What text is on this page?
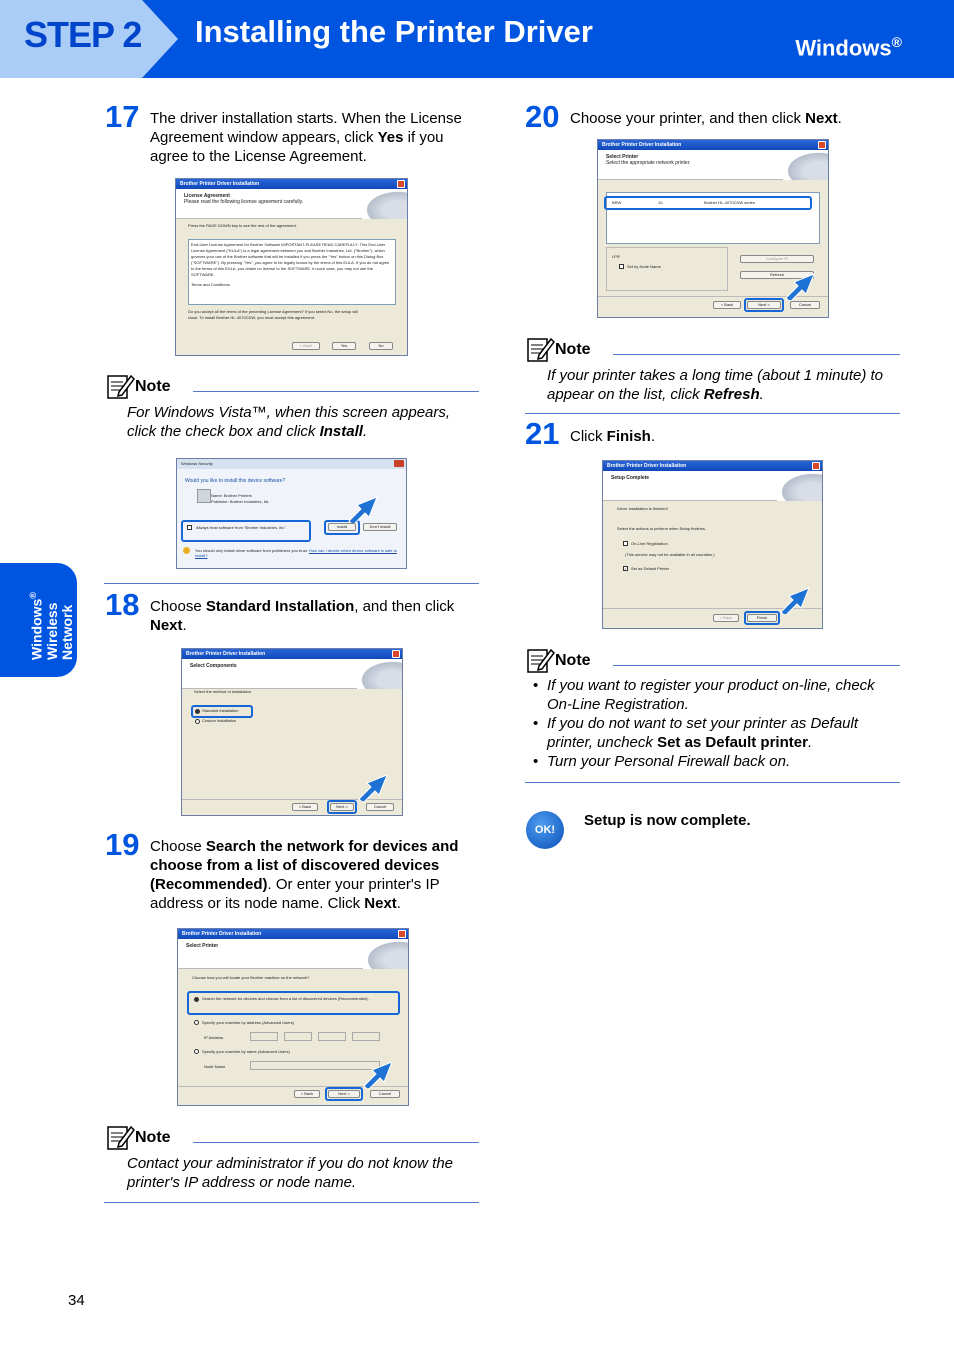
STEP 2 Installing the Printer Driver	Windows®
Windows®
Wireless Network
17 The driver installation starts. When the License Agreement window appears, click Yes if you agree to the License Agreement.
Brother Printer Driver Installation
License Agreement
Please read the following license agreement carefully.
Press the PAGE DOWN key to see the rest of the agreement.
End-User License Agreement for Brother Software IMPORTANT-PLEASE READ CAREFULLY: This End-User License Agreement ("EULA") is a legal agreement between you and Brother Industries, Ltd. ("Brother"), which governs your use of the Brother software that will be installed if you press the "Yes" button on this Dialog Box ("SOFTWARE"). By pressing "Yes", you agree to be legally bound by the terms of this EULA. If you do not agree to the terms of this EULA, you obtain no license to the SOFTWARE. In such case, you may not use the SOFTWARE.
Terms and Conditions.
Do you accept all the terms of the preceding License Agreement? If you select No, the setup will close. To install Brother HL-4070CDW, you must accept this agreement.
< Back	Yes	No
Note
For Windows Vista™, when this screen appears, click the check box and click Install.
Windows Security
Would you like to install this device software?
Name: Brother Printers
Publisher: Brother Industries, ltd.
Always trust software from "Brother Industries, ltd.".	Install	Don't Install
You should only install driver software from publishers you trust. How can I decide which device software is safe to install?
18 Choose Standard Installation, and then click Next.
Brother Printer Driver Installation
Select Components
Select the method of Installation.
Standard Installation
Custom Installation
< Back	Next >	Cancel
19 Choose Search the network for devices and choose from a list of discovered devices (Recommended). Or enter your printer's IP address or its node name. Click Next.
Brother Printer Driver Installation
Select Printer
Choose how you will locate your Brother machine on the network?
Search the network for devices and choose from a list of discovered devices (Recommended).
Specify your machine by address (Advanced Users)
IP Address
Specify your machine by name (Advanced Users)
Node Name
< Back	Next >	Cancel
Note
Contact your administrator if you do not know the printer's IP address or node name.
20 Choose your printer, and then click Next.
Brother Printer Driver Installation
Select Printer
Select the appropriate network printer.
BRW	10.	Brother HL-4070CDW series
LPR
Set by Node Name
Configure IP
Refresh
< Back	Next >	Cancel
Note
If your printer takes a long time (about 1 minute) to appear on the list, click Refresh.
21 Click Finish.
Brother Printer Driver Installation
Setup Complete
Driver installation is finished!
Select the actions to perform when Setup finishes.
On-Line Registration
(This service may not be available in all countries.)
✓ Set as Default Printer
< Back	Finish
Note
• If you want to register your product on-line, check On-Line Registration.
• If you do not want to set your printer as Default printer, uncheck Set as Default printer.
• Turn your Personal Firewall back on.
OK!
Setup is now complete.
34
